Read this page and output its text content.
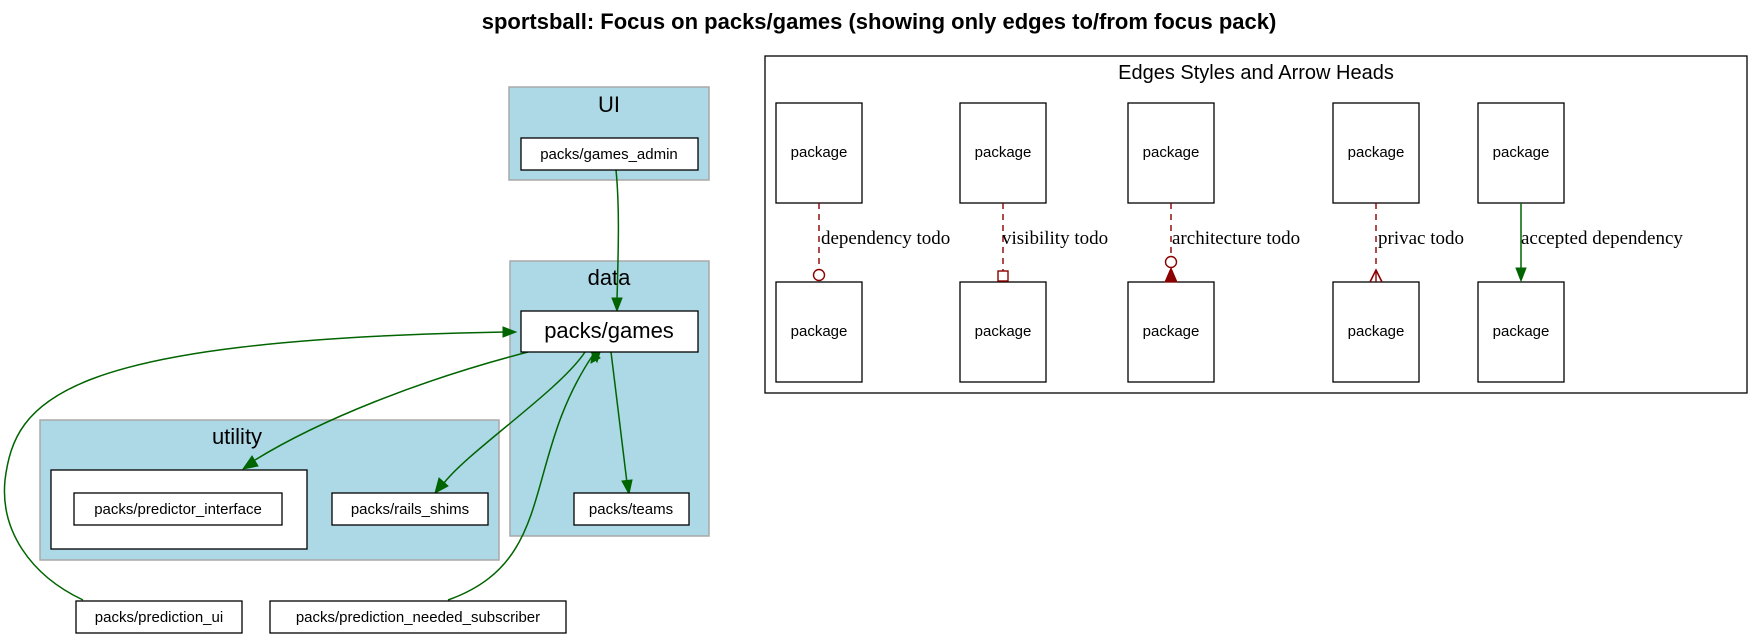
sportsball: Focus on packs/games (showing only edges to/from focus pack)
UI
data
utility
packs/games_admin
packs/games
packs/teams
packs/rails_shims
packs/predictor_interface
packs/prediction_ui	packs/prediction_needed_subscriber
Edges Styles and Arrow Heads
package
package
dependency todo
package
package
visibility todo
package
package
architecture todo
package
package
privac todo
package
package
accepted dependency
